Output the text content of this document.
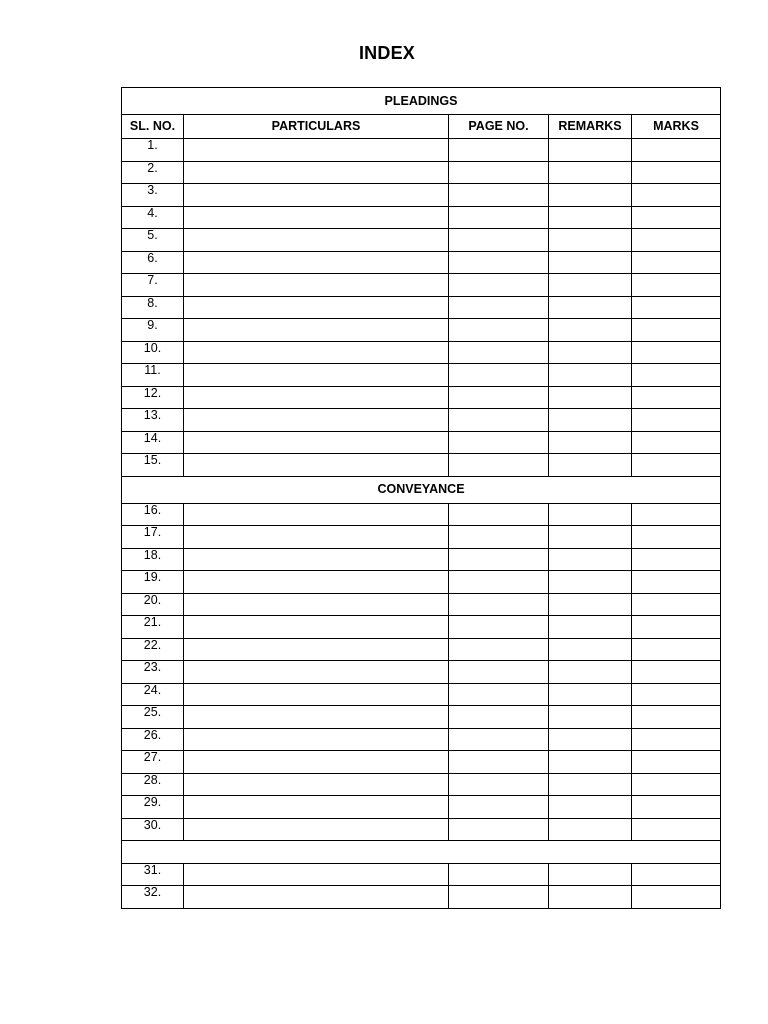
INDEX
PLEADINGS				
SL. NO.	PARTICULARS	PAGE NO.	REMARKS	MARKS
1.				
2.				
3.				
4.				
5.				
6.				
7.				
8.				
9.				
10.				
11.				
12.				
13.				
14.				
15.				
CONVEYANCE				
16.				
17.				
18.				
19.				
20.				
21.				
22.				
23.				
24.				
25.				
26.				
27.				
28.				
29.				
30.				

31.				
32.				
